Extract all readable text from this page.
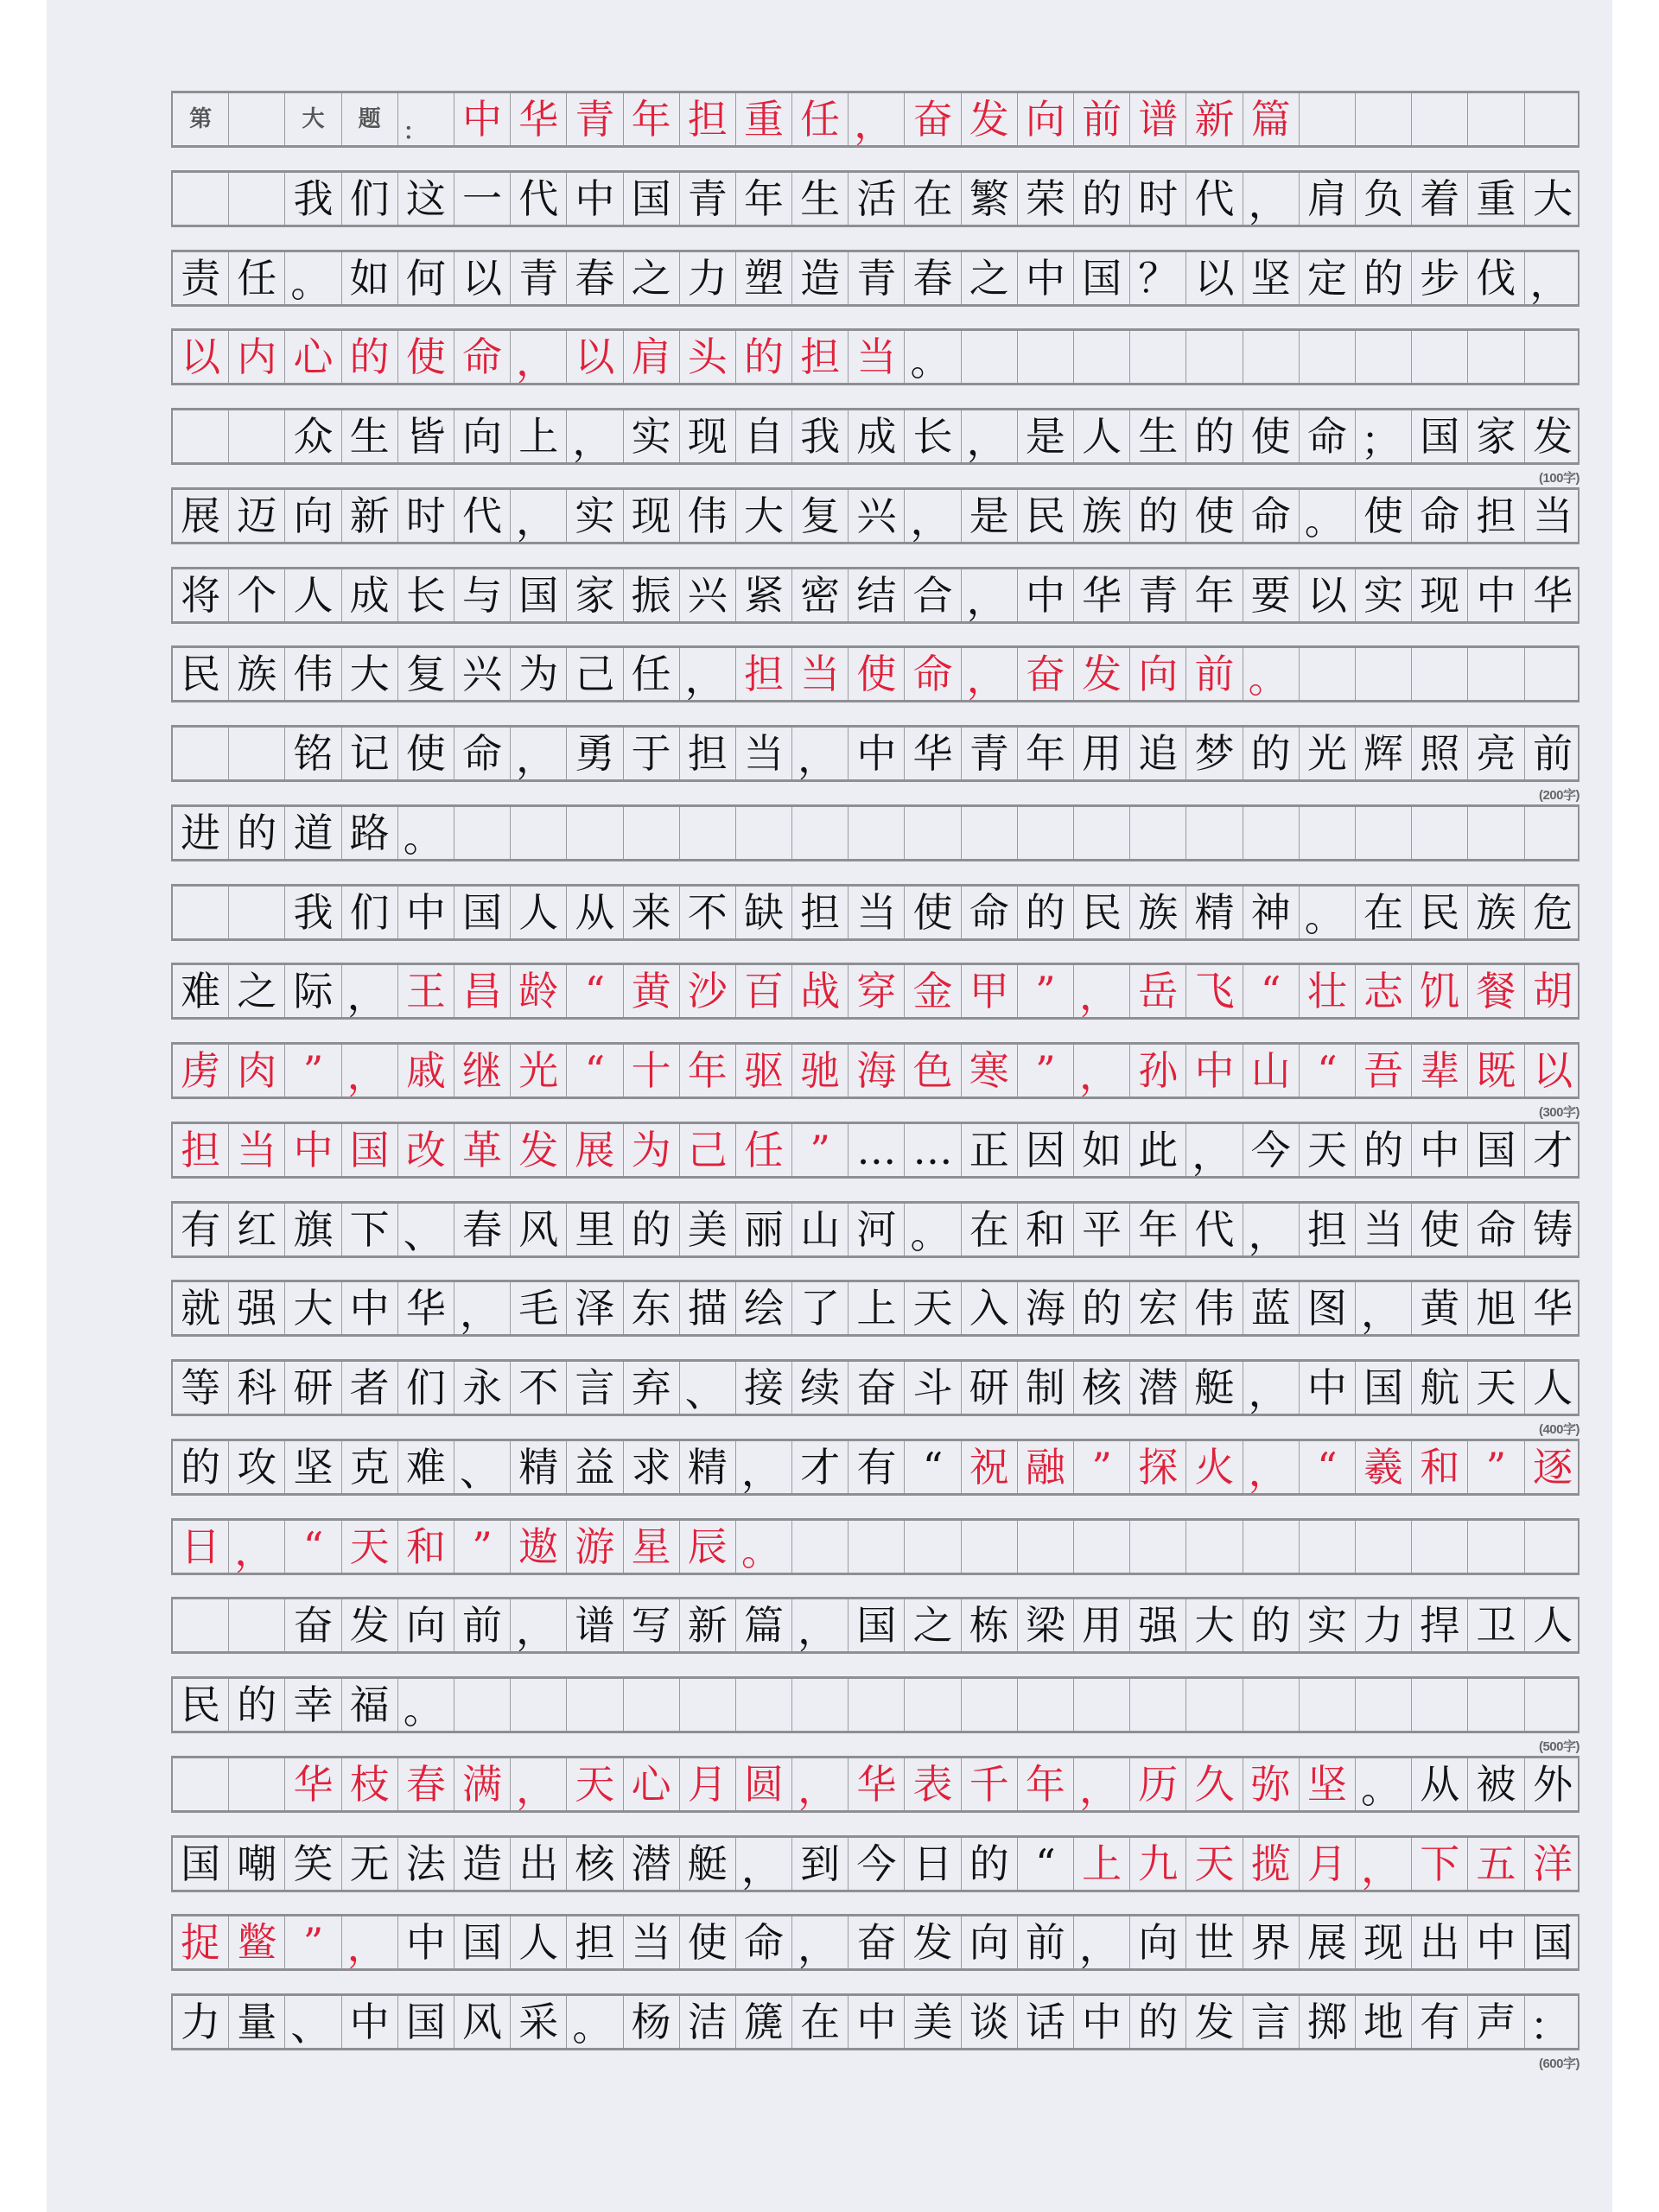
第	大	题	： 中 华 青 年 担 重 任 ， 奋 发 向 前 谱 新 篇
我 们 这 一 代 中 国 青 年 生 活 在 繁 荣 的 时 代 ， 肩 负 着 重 大
责 任 。 如 何 以 青 春 之 力 塑 造 青 春 之 中 国 ？ 以 坚 定 的 步 伐 ，
以 内 心 的 使 命 ， 以 肩 头 的 担 当 。
众 生 皆 向 上 ， 实 现 自 我 成 长 ， 是 人 生 的 使 命 ； 国 家 发
(100字)
展 迈 向 新 时 代 ， 实 现 伟 大 复 兴 ， 是 民 族 的 使 命 。 使 命 担 当
将 个 人 成 长 与 国 家 振 兴 紧 密 结 合 ， 中 华 青 年 要 以 实 现 中 华
民 族 伟 大 复 兴 为 己 任 ， 担 当 使 命 ， 奋 发 向 前 。
铭 记 使 命 ， 勇 于 担 当 ， 中 华 青 年 用 追 梦 的 光 辉 照 亮 前
(200字)
进 的 道 路 。
我 们 中 国 人 从 来 不 缺 担 当 使 命 的 民 族 精 神 。 在 民 族 危
难 之 际 ， 王 昌 龄 “ 黄 沙 百 战 穿 金 甲 ” ， 岳 飞 “ 壮 志 饥 餐 胡
虏 肉 ” ， 戚 继 光 “ 十 年 驱 驰 海 色 寒 ” ， 孙 中 山 “ 吾 辈 既 以
(300字)
担 当 中 国 改 革 发 展 为 己 任 ” … … 正 因 如 此 ， 今 天 的 中 国 才
有 红 旗 下 、 春 风 里 的 美 丽 山 河 。 在 和 平 年 代 ， 担 当 使 命 铸
就 强 大 中 华 ， 毛 泽 东 描 绘 了 上 天 入 海 的 宏 伟 蓝 图 ， 黄 旭 华
等 科 研 者 们 永 不 言 弃 、 接 续 奋 斗 研 制 核 潜 艇 ， 中 国 航 天 人
(400字)
的 攻 坚 克 难 、 精 益 求 精 ， 才 有 “ 祝 融 ” 探 火 ， “ 羲 和 ” 逐
日 ， “ 天 和 ” 遨 游 星 辰 。
奋 发 向 前 ， 谱 写 新 篇 ， 国 之 栋 梁 用 强 大 的 实 力 捍 卫 人
民 的 幸 福 。
(500字)
华 枝 春 满 ， 天 心 月 圆 ， 华 表 千 年 ， 历 久 弥 坚 。 从 被 外
国 嘲 笑 无 法 造 出 核 潜 艇 ， 到 今 日 的 “ 上 九 天 揽 月 ， 下 五 洋
捉 鳖 ” ， 中 国 人 担 当 使 命 ， 奋 发 向 前 ， 向 世 界 展 现 出 中 国
力 量 、 中 国 风 采 。 杨 洁 篪 在 中 美 谈 话 中 的 发 言 掷 地 有 声 ：
(600字)
